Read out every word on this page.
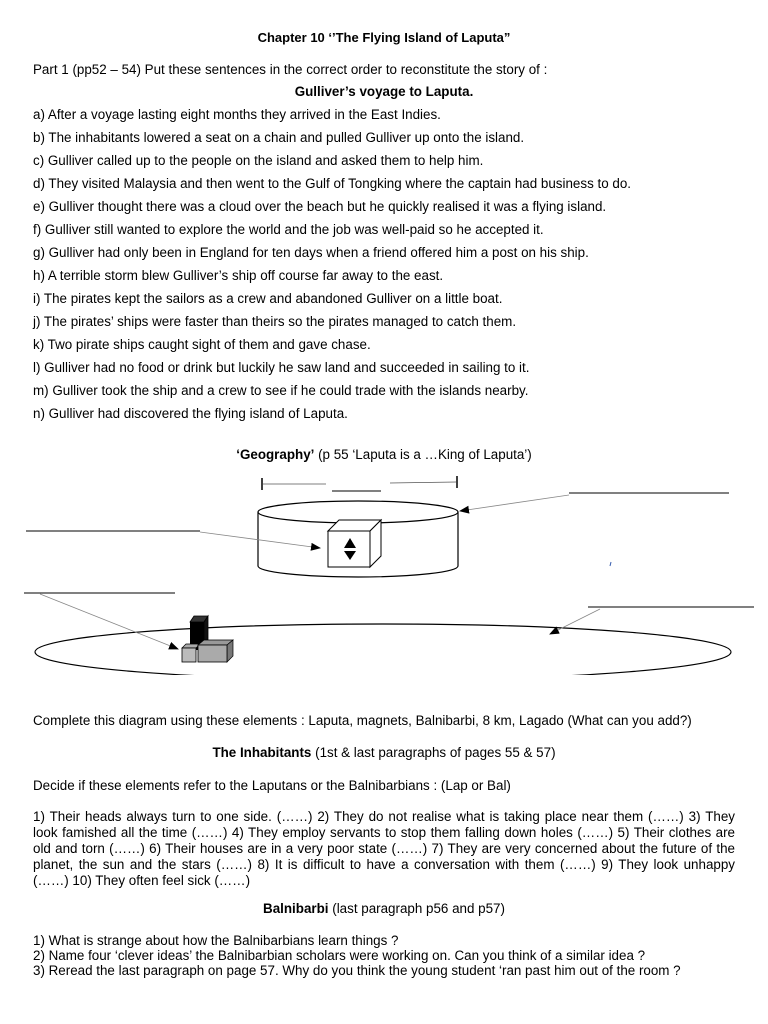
Chapter 10 ‘’The Flying Island of Laputa”
Part 1 (pp52 – 54) Put these sentences in the correct order to reconstitute the story of :
Gulliver’s voyage to Laputa.
a) After a voyage lasting eight months they arrived in the East Indies.
b) The inhabitants lowered a seat on a chain and pulled Gulliver up onto the island.
c) Gulliver called up to the people on the island and asked them to help him.
d) They visited Malaysia and then went to the Gulf of Tongking where the captain had business to do.
e) Gulliver thought there was a cloud over the beach but he quickly realised it was a flying island.
f) Gulliver still wanted to explore the world and the job was well-paid so he accepted it.
g) Gulliver had only been in England for ten days when a friend offered him a post on his ship.
h) A terrible storm blew Gulliver’s ship off course far away to the east.
i) The pirates kept the sailors as a crew and abandoned Gulliver on a little boat.
j) The pirates’ ships were faster than theirs so the pirates managed to catch them.
k) Two pirate ships caught sight of them and gave chase.
l) Gulliver had no food or drink but luckily he saw land and succeeded in sailing to it.
m) Gulliver took the ship and a crew to see if he could trade with the islands nearby.
n) Gulliver had discovered the flying island of Laputa.
‘Geography’ (p 55 ‘Laputa is a …King of Laputa’)
Complete this diagram using these elements : Laputa, magnets, Balnibarbi, 8 km, Lagado (What can you add?)
The Inhabitants (1st & last paragraphs of pages 55 & 57)
Decide if these elements refer to the Laputans or the Balnibarbians : (Lap or Bal)
1) Their heads always turn to one side. (……) 2) They do not realise what is taking place near them (……) 3) They look famished all the time (……) 4) They employ servants to stop them falling down holes (……) 5) Their clothes are old and torn (……) 6) Their houses are in a very poor state (……) 7) They are very concerned about the future of the planet, the sun and the stars (……) 8) It is difficult to have a conversation with them (……) 9) They look unhappy (……) 10) They often feel sick (……)
Balnibarbi (last paragraph p56 and p57)
1) What is strange about how the Balnibarbians learn things ?
2) Name four ‘clever ideas’ the Balnibarbian scholars were working on. Can you think of a similar idea ?
3) Reread the last paragraph on page 57. Why do you think the young student ‘ran past him out of the room ?
